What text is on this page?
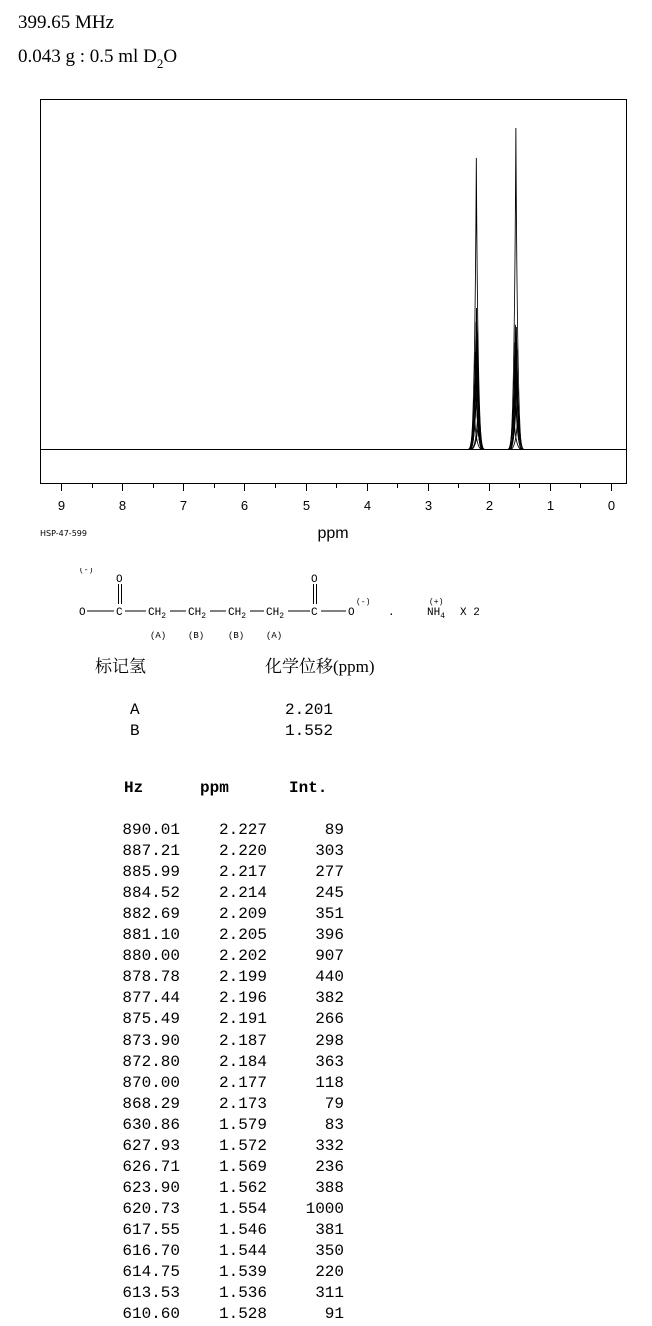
399.65 MHz
0.043 g : 0.5 ml $D_2O$
9	8	7	6	5	4	3	2	1	0
ppm
HSP-47-599
(-)
O	C
O
$CH_2$ $CH_2$ $CH_2$ $CH_2$
(A) (B)	(B) (A)
C
O
O
(-)
.
(+)
$NH_4$ X 2
标记氢	化学位移(ppm)
A	2.201
B	1.552
Hz	ppm	Int.
890.01	2.227	89
887.21	2.220	303
885.99	2.217	277
884.52	2.214	245
882.69	2.209	351
881.10	2.205	396
880.00	2.202	907
878.78	2.199	440
877.44	2.196	382
875.49	2.191	266
873.90	2.187	298
872.80	2.184	363
870.00	2.177	118
868.29	2.173	79
630.86	1.579	83
627.93	1.572	332
626.71	1.569	236
623.90	1.562	388
620.73	1.554	1000
617.55	1.546	381
616.70	1.544	350
614.75	1.539	220
613.53	1.536	311
610.60	1.528	91
